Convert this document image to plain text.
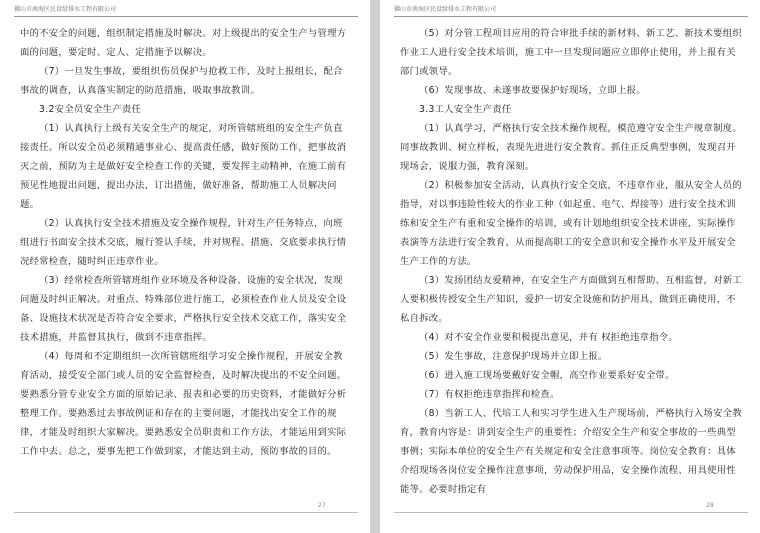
佛山市南海区民设给排水工程有限公司

中的不安全的问题，组织制定措施及时解决。对上级提出的安全生产与管理方面的问题，要定时、定人、定措施予以解决。

（7）一旦发生事故，要组织伤员保护与抢救工作，及时上报组长，配合事故的调查，认真落实制定的防范措施，吸取事故教训。

3.2安全员安全生产责任

（1）认真执行上级有关安全生产的规定，对所管辖班组的安全生产负直接责任。所以安全员必须精通事业心、提高责任感，做好预防工作，把事故消灭之前，预防为主是做好安全检查工作的关键，要发挥主动精神，在施工前有预见性地提出问题，提出办法，订出措施，做好准备，帮助施工人员解决问题。

（2）认真执行安全技术措施及安全操作规程，针对生产任务特点，向班组进行书面安全技术交底，履行签认手续，并对规程、措施、交底要求执行情况经常检查，随时纠正违章作业。

（3）经常检查所管辖班组作业环境及各种设备、设施的安全状况，发现问题及时纠正解决。对重点、特殊部位进行施工，必须检查作业人员及安全设备、设施技术状况是否符合安全要求，严格执行安全技术交底工作，落实安全技术措施，并监督其执行，做到不违章指挥。

（4）每周和不定期组织一次所管辖班组学习安全操作规程，开展安全教育活动，接受安全部门或人员的安全监督检查，及时解决提出的不安全问题。要熟悉分管专业安全方面的原始记录、报表和必要的历史资料，才能做好分析整理工作。要熟悉过去事故例证和存在的主要问题，才能找出安全工作的规律，才能及时组织大家解决。要熟悉安全员职责和工作方法，才能运用到实际工作中去。总之，要事先把工作做到家，才能达到主动，预防事故的目的。

27
佛山市南海区民设给排水工程有限公司

（5）对分管工程项目应用的符合审批手续的新材料、新工艺、新技术要组织作业工人进行安全技术培训，施工中一旦发现问题应立即停止使用，并上报有关部门或领导。

（6）发现事故、未遂事故要保护好现场，立即上报。

3.3工人安全生产责任

（1）认真学习，严格执行安全技术操作规程，模范遵守安全生产规章制度。同事故教训、树立样板，表现先进进行安全教育。抓住正反典型事例，发现召开现场会，说服力强，教育深刻。

（2）积极参加安全活动，认真执行安全交底，不违章作业，服从安全人员的指导，对以事违险性较大的作业工种（如起重、电气、焊接等）进行安全技术训练和安全生产有重和安全操作的培训，或有计划地组织安全技术讲座，实际操作表演等方法进行安全教育，从而提高职工的安全意识和安全操作水平及开展安全生产工作的方法。

（3）发扬团结友爱精神，在安全生产方面做到互相帮助、互相监督，对新工人要积极传授安全生产知识，爱护一切安全设施和防护用具，做到正确使用，不私自拆改。

（4）对不安全作业要积极提出意见，并有 权拒绝违章指令。

（5）发生事故，注意保护现场并立即上报。

（6）进入施工现场要戴好安全帽，高空作业要系好安全带。

（7）有权拒绝违章指挥和检查。

（8）当新工人、代培工人和实习学生进入生产现场前，严格执行入场安全教育，教育内容是：讲到安全生产的重要性；介绍安全生产和安全事故的一些典型事例；实际本单位的安全生产有关规定和安全注意事项等。岗位安全教育：具体介绍现场各岗位安全操作注意事项，劳动保护用品，安全操作流程、用具使用性能等。必要时指定有

28
